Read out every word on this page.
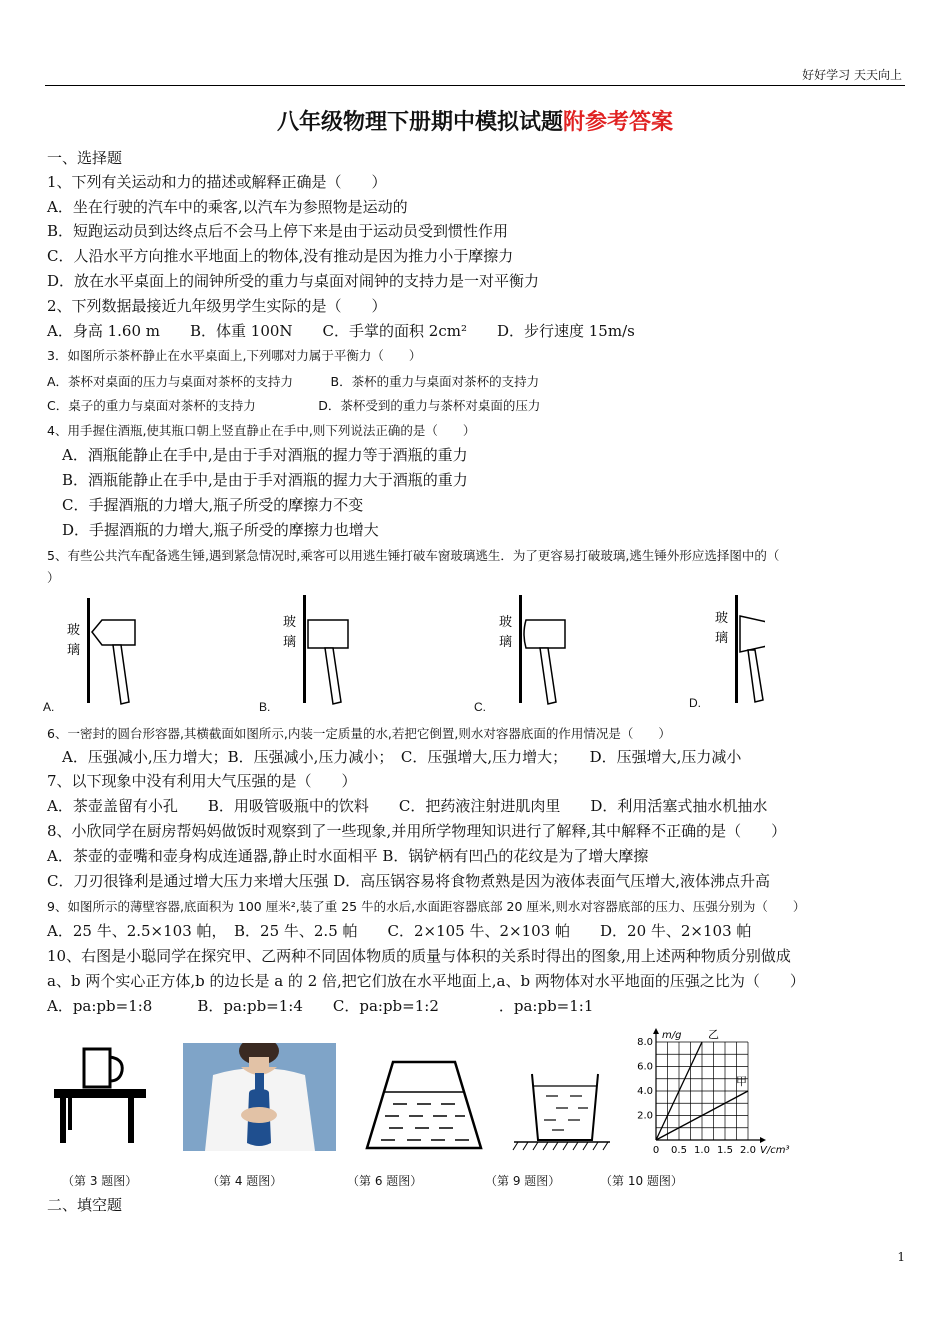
好好学习 天天向上
八年级物理下册期中模拟试题附参考答案
一、选择题
1、下列有关运动和力的描述或解释正确是（　　）
A．坐在行驶的汽车中的乘客,以汽车为参照物是运动的
B．短跑运动员到达终点后不会马上停下来是由于运动员受到惯性作用
C．人沿水平方向推水平地面上的物体,没有推动是因为推力小于摩擦力
D．放在水平桌面上的闹钟所受的重力与桌面对闹钟的支持力是一对平衡力
2、下列数据最接近九年级男学生实际的是（　　）
A．身高 1.60 m　　B．体重 100N　　C．手掌的面积 2cm²　　D．步行速度 15m/s
3．如图所示茶杯静止在水平桌面上,下列哪对力属于平衡力（　　）
A．茶杯对桌面的压力与桌面对茶杯的支持力　　　B．茶杯的重力与桌面对茶杯的支持力
C．桌子的重力与桌面对茶杯的支持力　　　　　D．茶杯受到的重力与茶杯对桌面的压力
4、用手握住酒瓶,使其瓶口朝上竖直静止在手中,则下列说法正确的是（　　）
A．酒瓶能静止在手中,是由于手对酒瓶的握力等于酒瓶的重力
B．酒瓶能静止在手中,是由于手对酒瓶的握力大于酒瓶的重力
C．手握酒瓶的力增大,瓶子所受的摩擦力不变
D．手握酒瓶的力增大,瓶子所受的摩擦力也增大
5、有些公共汽车配备逃生锤,遇到紧急情况时,乘客可以用逃生锤打破车窗玻璃逃生．为了更容易打破玻璃,逃生锤外形应选择图中的（
）
玻
璃
玻
璃
玻
璃
玻
璃
A.	B.	C.	D.
6、一密封的圆台形容器,其横截面如图所示,内装一定质量的水,若把它倒置,则水对容器底面的作用情况是（　　）
A．压强减小,压力增大；B．压强减小,压力减小；　C．压强增大,压力增大；　　D．压强增大,压力减小
7、以下现象中没有利用大气压强的是（　　）
A．茶壶盖留有小孔　　B．用吸管吸瓶中的饮料　　C．把药液注射进肌肉里　　D．利用活塞式抽水机抽水
8、小欣同学在厨房帮妈妈做饭时观察到了一些现象,并用所学物理知识进行了解释,其中解释不正确的是（　　）
A．茶壶的壶嘴和壶身构成连通器,静止时水面相平 B．锅铲柄有凹凸的花纹是为了增大摩擦
C．刀刃很锋利是通过增大压力来增大压强 D．高压锅容易将食物煮熟是因为液体表面气压增大,液体沸点升高
9、如图所示的薄壁容器,底面积为 100 厘米²,装了重 25 牛的水后,水面距容器底部 20 厘米,则水对容器底部的压力、压强分别为（　　）
A．25 牛、2.5×103 帕，　B．25 牛、2.5 帕　　C．2×105 牛、2×103 帕　　D．20 牛、2×103 帕
10、右图是小聪同学在探究甲、乙两种不同固体物质的质量与体积的关系时得出的图象,用上述两种物质分别做成
a、b 两个实心正方体,b 的边长是 a 的 2 倍,把它们放在水平地面上,a、b 两物体对水平地面的压强之比为（　　）
A．pa:pb=1:8　　　B．pa:pb=1:4　　C．pa:pb=1:2　　　　．pa:pb=1:1
0 0.5 1.0 1.5 2.0
2.0
4.0
6.0
8.0
V/cm³
m/g 乙
甲
（第 3 题图）	（第 4 题图）	（第 6 题图）	（第 9 题图）	（第 10 题图）
二、填空题
1
